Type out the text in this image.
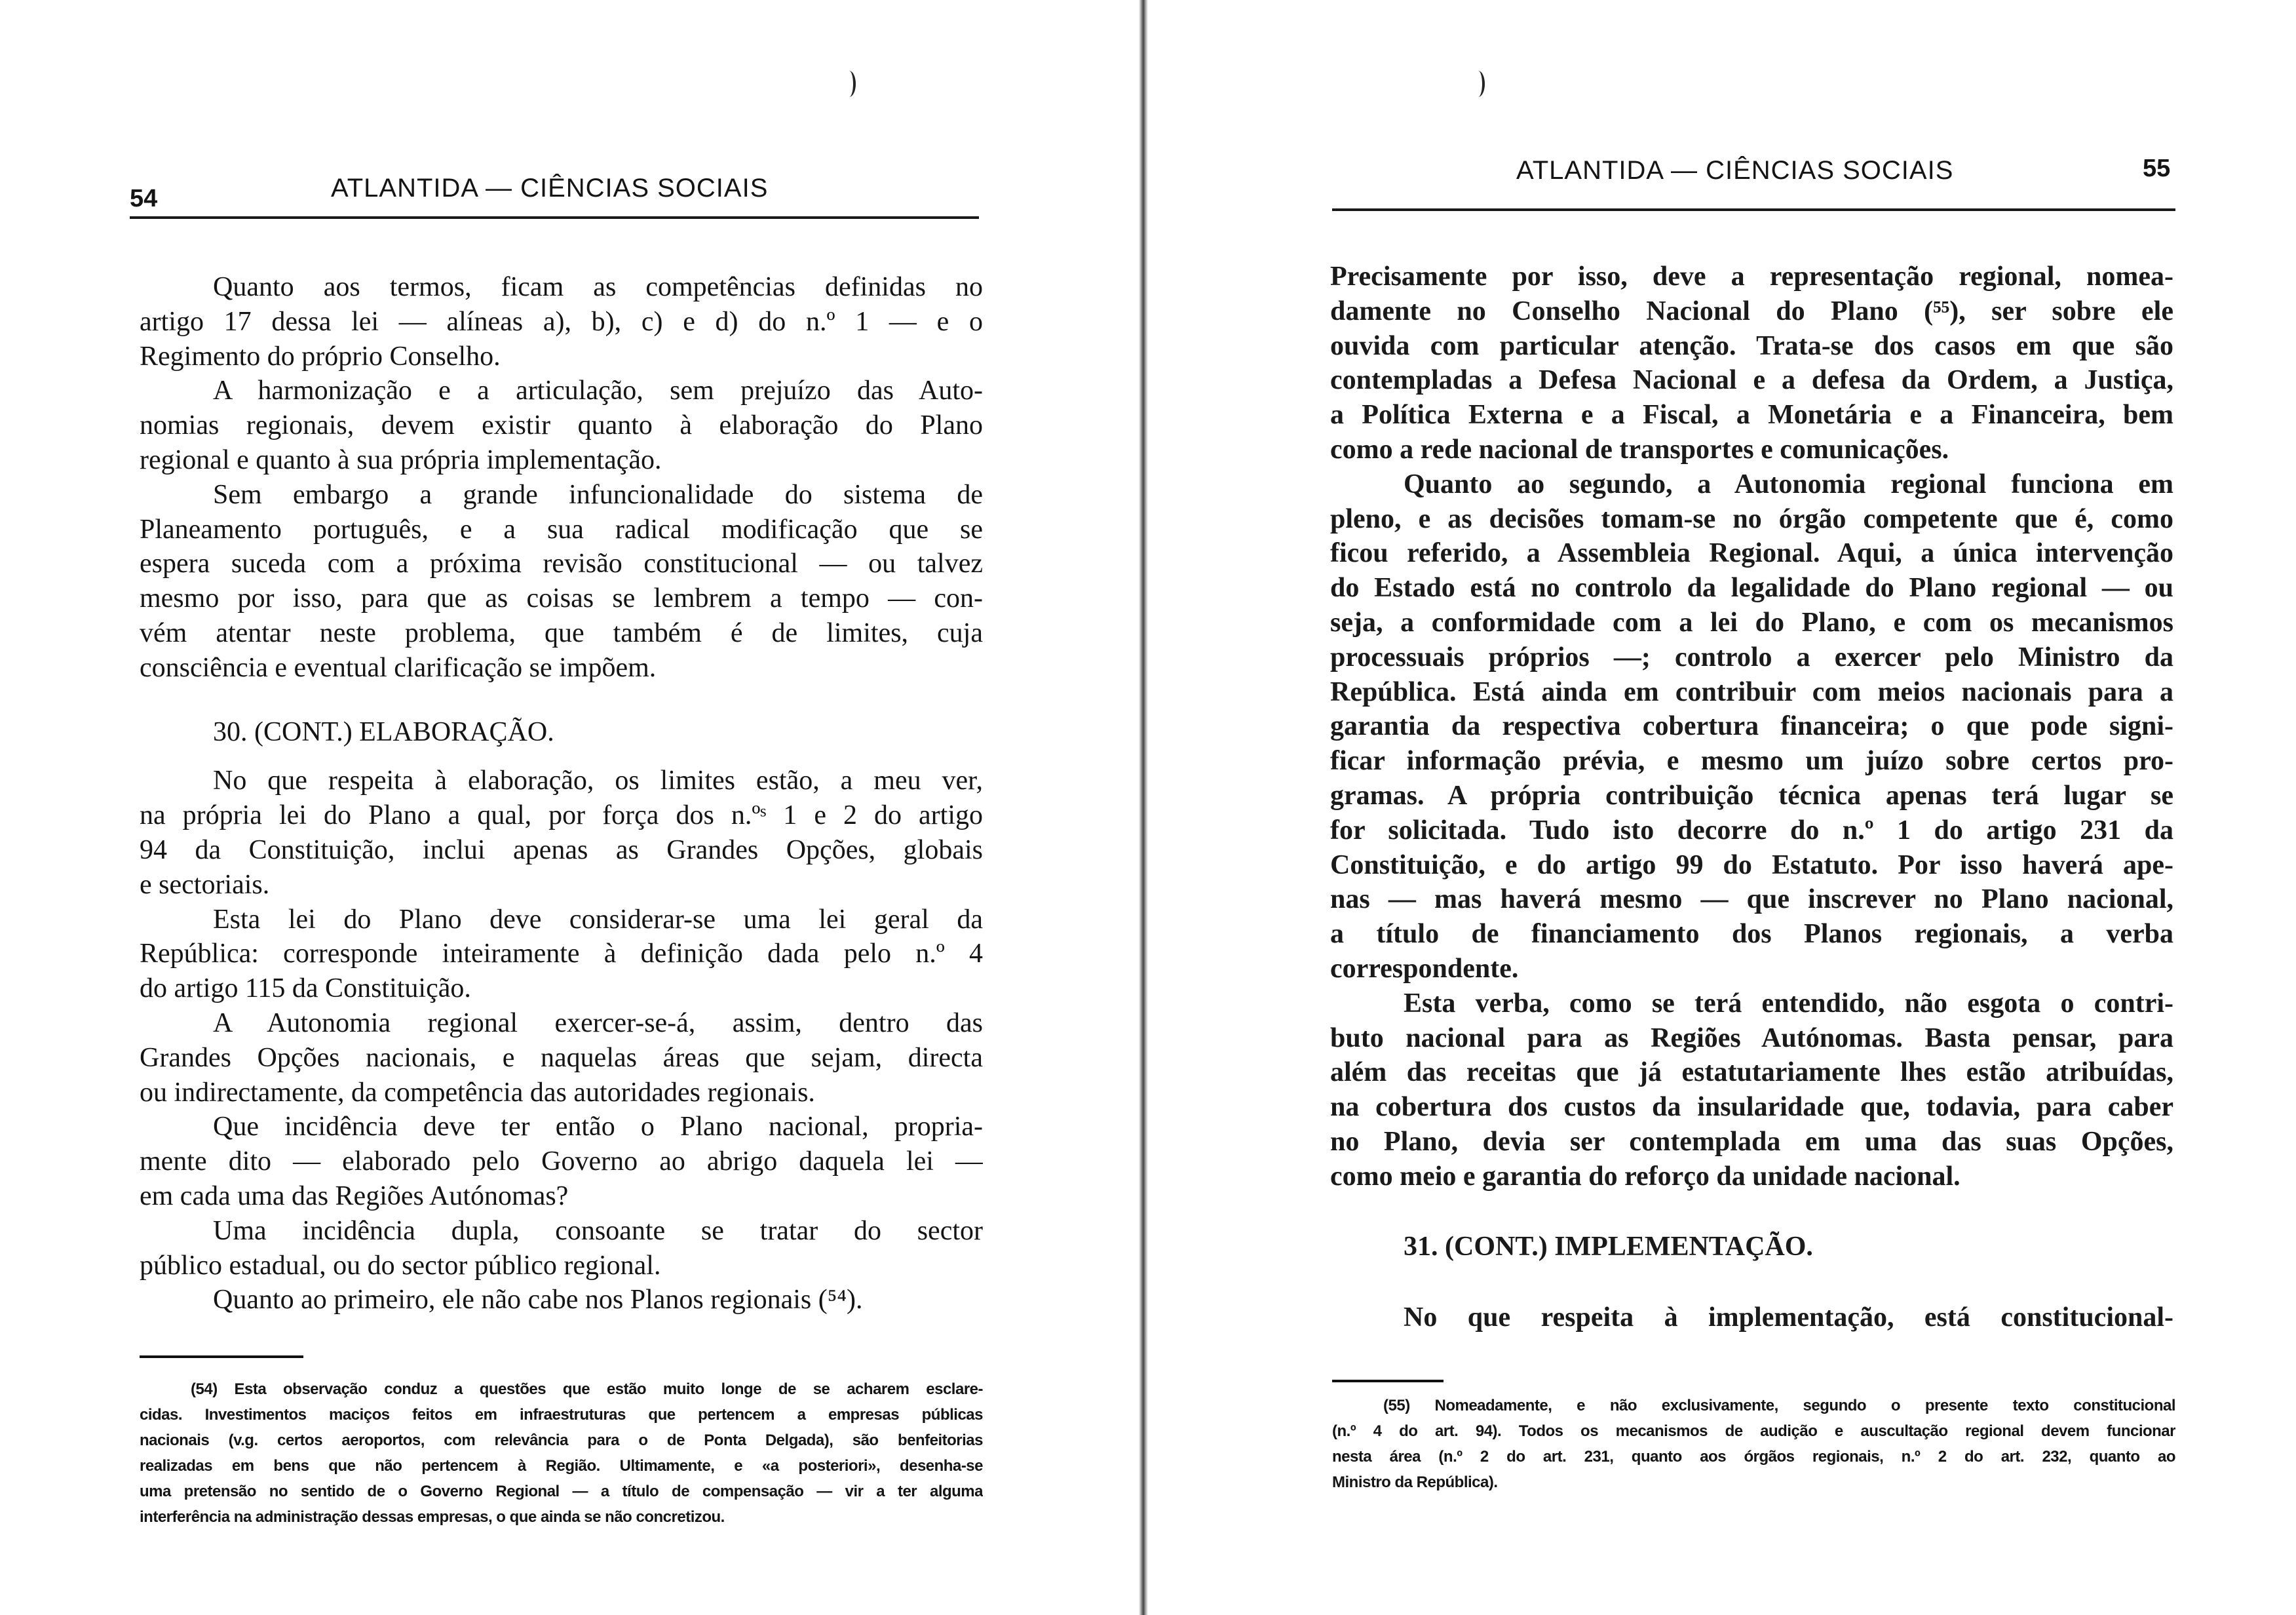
54	ATLANTIDA — CIÊNCIAS SOCIAIS
Quanto aos termos, ficam as competências definidas no
artigo 17 dessa lei — alíneas a), b), c) e d) do n.º 1 — e o
Regimento do próprio Conselho.
A harmonização e a articulação, sem prejuízo das Auto-
nomias regionais, devem existir quanto à elaboração do Plano
regional e quanto à sua própria implementação.
Sem embargo a grande infuncionalidade do sistema de
Planeamento português, e a sua radical modificação que se
espera suceda com a próxima revisão constitucional — ou talvez
mesmo por isso, para que as coisas se lembrem a tempo — con-
vém atentar neste problema, que também é de limites, cuja
consciência e eventual clarificação se impõem.
30. (CONT.) ELABORAÇÃO.
No que respeita à elaboração, os limites estão, a meu ver,
na própria lei do Plano a qual, por força dos n.ºˢ 1 e 2 do artigo
94 da Constituição, inclui apenas as Grandes Opções, globais
e sectoriais.
Esta lei do Plano deve considerar-se uma lei geral da
República: corresponde inteiramente à definição dada pelo n.º 4
do artigo 115 da Constituição.
A Autonomia regional exercer-se-á, assim, dentro das
Grandes Opções nacionais, e naquelas áreas que sejam, directa
ou indirectamente, da competência das autoridades regionais.
Que incidência deve ter então o Plano nacional, propria-
mente dito — elaborado pelo Governo ao abrigo daquela lei —
em cada uma das Regiões Autónomas?
Uma incidência dupla, consoante se tratar do sector
público estadual, ou do sector público regional.
Quanto ao primeiro, ele não cabe nos Planos regionais (⁵⁴).
(54) Esta observação conduz a questões que estão muito longe de se acharem esclare-
cidas. Investimentos maciços feitos em infraestruturas que pertencem a empresas públicas
nacionais (v.g. certos aeroportos, com relevância para o de Ponta Delgada), são benfeitorias
realizadas em bens que não pertencem à Região. Ultimamente, e «a posteriori», desenha-se
uma pretensão no sentido de o Governo Regional — a título de compensação — vir a ter alguma
interferência na administração dessas empresas, o que ainda se não concretizou.
ATLANTIDA — CIÊNCIAS SOCIAIS	55
Precisamente por isso, deve a representação regional, nomea-
damente no Conselho Nacional do Plano (⁵⁵), ser sobre ele
ouvida com particular atenção. Trata-se dos casos em que são
contempladas a Defesa Nacional e a defesa da Ordem, a Justiça,
a Política Externa e a Fiscal, a Monetária e a Financeira, bem
como a rede nacional de transportes e comunicações.
Quanto ao segundo, a Autonomia regional funciona em
pleno, e as decisões tomam-se no órgão competente que é, como
ficou referido, a Assembleia Regional. Aqui, a única intervenção
do Estado está no controlo da legalidade do Plano regional — ou
seja, a conformidade com a lei do Plano, e com os mecanismos
processuais próprios —; controlo a exercer pelo Ministro da
República. Está ainda em contribuir com meios nacionais para a
garantia da respectiva cobertura financeira; o que pode signi-
ficar informação prévia, e mesmo um juízo sobre certos pro-
gramas. A própria contribuição técnica apenas terá lugar se
for solicitada. Tudo isto decorre do n.º 1 do artigo 231 da
Constituição, e do artigo 99 do Estatuto. Por isso haverá ape-
nas — mas haverá mesmo — que inscrever no Plano nacional,
a título de financiamento dos Planos regionais, a verba
correspondente.
Esta verba, como se terá entendido, não esgota o contri-
buto nacional para as Regiões Autónomas. Basta pensar, para
além das receitas que já estatutariamente lhes estão atribuídas,
na cobertura dos custos da insularidade que, todavia, para caber
no Plano, devia ser contemplada em uma das suas Opções,
como meio e garantia do reforço da unidade nacional.
31. (CONT.) IMPLEMENTAÇÃO.
No que respeita à implementação, está constitucional-
(55) Nomeadamente, e não exclusivamente, segundo o presente texto constitucional
(n.º 4 do art. 94). Todos os mecanismos de audição e auscultação regional devem funcionar
nesta área (n.º 2 do art. 231, quanto aos órgãos regionais, n.º 2 do art. 232, quanto ao
Ministro da República).
